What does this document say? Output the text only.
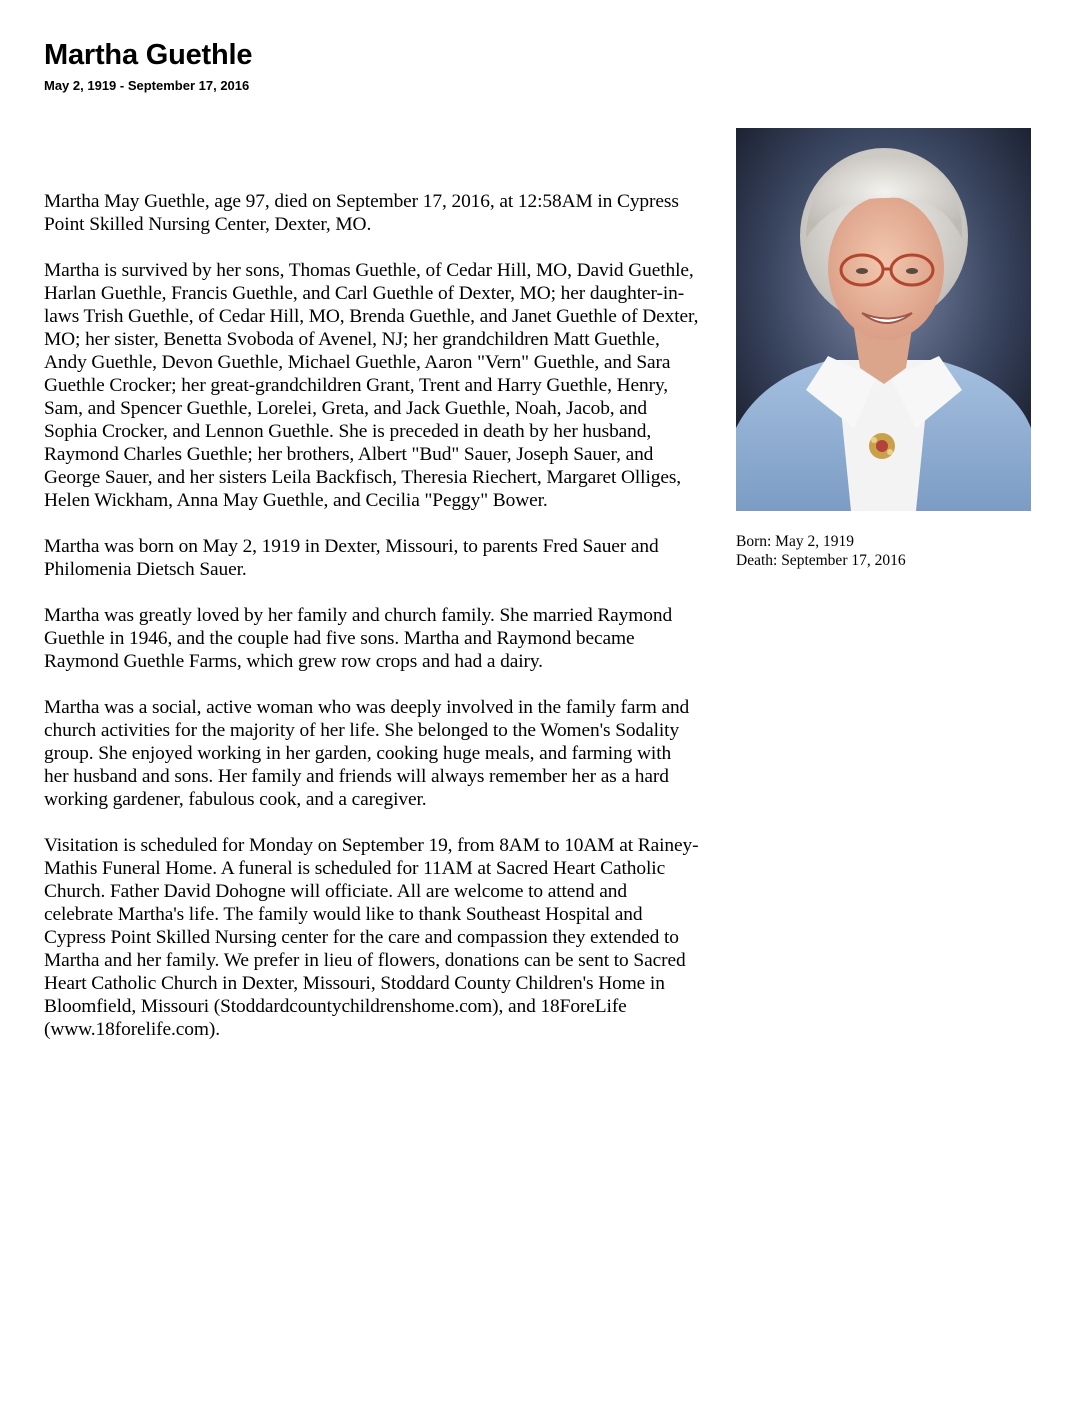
Martha Guethle
May 2, 1919 - September 17, 2016

Martha May Guethle, age 97, died on September 17, 2016, at 12:58AM in Cypress Point Skilled Nursing Center, Dexter, MO.

Martha is survived by her sons, Thomas Guethle, of Cedar Hill, MO, David Guethle, Harlan Guethle, Francis Guethle, and Carl Guethle of Dexter, MO; her daughter-in-laws Trish Guethle, of Cedar Hill, MO, Brenda Guethle, and Janet Guethle of Dexter, MO; her sister, Benetta Svoboda of Avenel, NJ; her grandchildren Matt Guethle, Andy Guethle, Devon Guethle, Michael Guethle, Aaron "Vern" Guethle, and Sara Guethle Crocker; her great-grandchildren Grant, Trent and Harry Guethle, Henry, Sam, and Spencer Guethle, Lorelei, Greta, and Jack Guethle, Noah, Jacob, and Sophia Crocker, and Lennon Guethle. She is preceded in death by her husband, Raymond Charles Guethle; her brothers, Albert "Bud" Sauer, Joseph Sauer, and George Sauer, and her sisters Leila Backfisch, Theresia Riechert, Margaret Olliges, Helen Wickham, Anna May Guethle, and Cecilia "Peggy" Bower.

Martha was born on May 2, 1919 in Dexter, Missouri, to parents Fred Sauer and Philomenia Dietsch Sauer.

Martha was greatly loved by her family and church family. She married Raymond Guethle in 1946, and the couple had five sons. Martha and Raymond became Raymond Guethle Farms, which grew row crops and had a dairy.

Martha was a social, active woman who was deeply involved in the family farm and church activities for the majority of her life. She belonged to the Women's Sodality group. She enjoyed working in her garden, cooking huge meals, and farming with her husband and sons. Her family and friends will always remember her as a hard working gardener, fabulous cook, and a caregiver.

Visitation is scheduled for Monday on September 19, from 8AM to 10AM at Rainey-Mathis Funeral Home. A funeral is scheduled for 11AM at Sacred Heart Catholic Church. Father David Dohogne will officiate. All are welcome to attend and celebrate Martha's life. The family would like to thank Southeast Hospital and Cypress Point Skilled Nursing center for the care and compassion they extended to Martha and her family. We prefer in lieu of flowers, donations can be sent to Sacred Heart Catholic Church in Dexter, Missouri, Stoddard County Children's Home in Bloomfield, Missouri (Stoddardcountychildrenshome.com), and 18ForeLife (www.18forelife.com).

Born: May 2, 1919
Death: September 17, 2016
